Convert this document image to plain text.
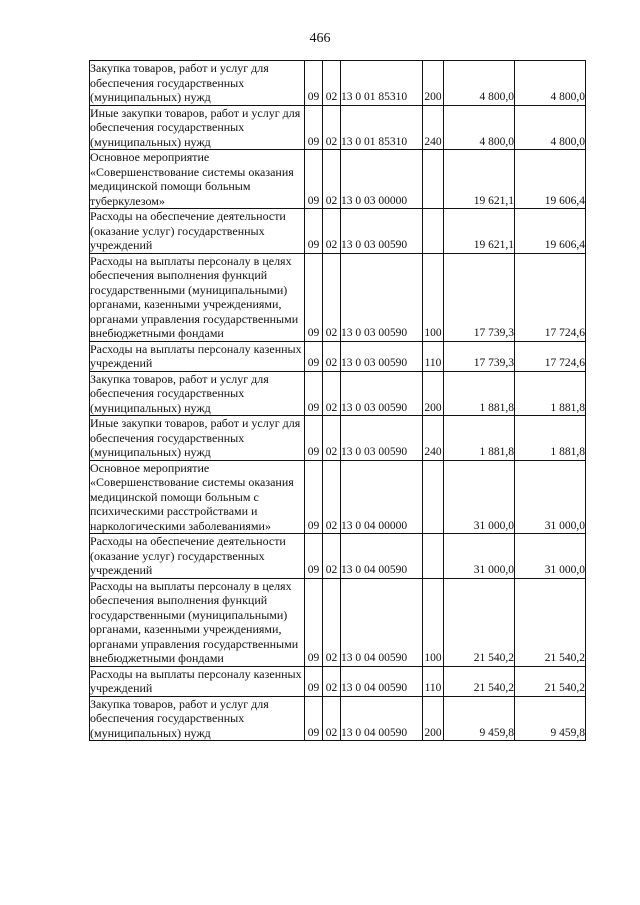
466
Закупка товаров, работ и услуг для обеспечения государственных (муниципальных) нужд	09	02	13 0 01 85310	200	4 800,0	4 800,0
Иные закупки товаров, работ и услуг для обеспечения государственных (муниципальных) нужд	09	02	13 0 01 85310	240	4 800,0	4 800,0
Основное мероприятие «Совершенствование системы оказания медицинской помощи больным туберкулезом»	09	02	13 0 03 00000		19 621,1	19 606,4
Расходы на обеспечение деятельности (оказание услуг) государственных учреждений	09	02	13 0 03 00590		19 621,1	19 606,4
Расходы на выплаты персоналу в целях обеспечения выполнения функций государственными (муниципальными) органами, казенными учреждениями, органами управления государственными внебюджетными фондами	09	02	13 0 03 00590	100	17 739,3	17 724,6
Расходы на выплаты персоналу казенных учреждений	09	02	13 0 03 00590	110	17 739,3	17 724,6
Закупка товаров, работ и услуг для обеспечения государственных (муниципальных) нужд	09	02	13 0 03 00590	200	1 881,8	1 881,8
Иные закупки товаров, работ и услуг для обеспечения государственных (муниципальных) нужд	09	02	13 0 03 00590	240	1 881,8	1 881,8
Основное мероприятие «Совершенствование системы оказания медицинской помощи больным с психическими расстройствами и наркологическими заболеваниями»	09	02	13 0 04 00000		31 000,0	31 000,0
Расходы на обеспечение деятельности (оказание услуг) государственных учреждений	09	02	13 0 04 00590		31 000,0	31 000,0
Расходы на выплаты персоналу в целях обеспечения выполнения функций государственными (муниципальными) органами, казенными учреждениями, органами управления государственными внебюджетными фондами	09	02	13 0 04 00590	100	21 540,2	21 540,2
Расходы на выплаты персоналу казенных учреждений	09	02	13 0 04 00590	110	21 540,2	21 540,2
Закупка товаров, работ и услуг для обеспечения государственных (муниципальных) нужд	09	02	13 0 04 00590	200	9 459,8	9 459,8
